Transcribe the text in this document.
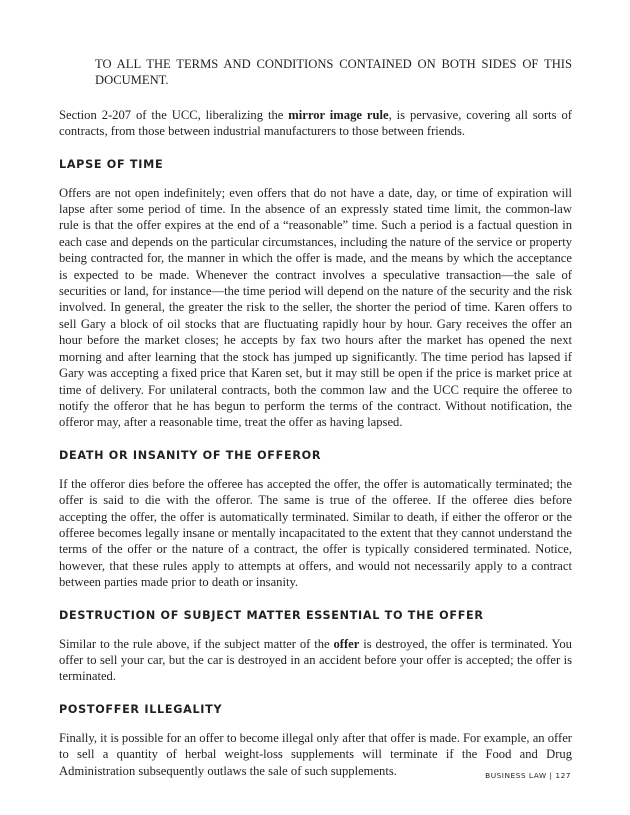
TO ALL THE TERMS AND CONDITIONS CONTAINED ON BOTH SIDES OF THIS DOCUMENT.

Section 2-207 of the UCC, liberalizing the mirror image rule, is pervasive, covering all sorts of contracts, from those between industrial manufacturers to those between friends.

LAPSE OF TIME

Offers are not open indefinitely; even offers that do not have a date, day, or time of expiration will lapse after some period of time. In the absence of an expressly stated time limit, the common-law rule is that the offer expires at the end of a “reasonable” time. Such a period is a factual question in each case and depends on the particular circumstances, including the nature of the service or property being contracted for, the manner in which the offer is made, and the means by which the acceptance is expected to be made. Whenever the contract involves a speculative transaction—the sale of securities or land, for instance—the time period will depend on the nature of the security and the risk involved. In general, the greater the risk to the seller, the shorter the period of time. Karen offers to sell Gary a block of oil stocks that are fluctuating rapidly hour by hour. Gary receives the offer an hour before the market closes; he accepts by fax two hours after the market has opened the next morning and after learning that the stock has jumped up significantly. The time period has lapsed if Gary was accepting a fixed price that Karen set, but it may still be open if the price is market price at time of delivery. For unilateral contracts, both the common law and the UCC require the offeree to notify the offeror that he has begun to perform the terms of the contract. Without notification, the offeror may, after a reasonable time, treat the offer as having lapsed.

DEATH OR INSANITY OF THE OFFEROR

If the offeror dies before the offeree has accepted the offer, the offer is automatically terminated; the offer is said to die with the offeror. The same is true of the offeree. If the offeree dies before accepting the offer, the offer is automatically terminated. Similar to death, if either the offeror or the offeree becomes legally insane or mentally incapacitated to the extent that they cannot understand the terms of the offer or the nature of a contract, the offer is typically considered terminated. Notice, however, that these rules apply to attempts at offers, and would not necessarily apply to a contract between parties made prior to death or insanity.

DESTRUCTION OF SUBJECT MATTER ESSENTIAL TO THE OFFER

Similar to the rule above, if the subject matter of the offer is destroyed, the offer is terminated. You offer to sell your car, but the car is destroyed in an accident before your offer is accepted; the offer is terminated.

POSTOFFER ILLEGALITY

Finally, it is possible for an offer to become illegal only after that offer is made. For example, an offer to sell a quantity of herbal weight-loss supplements will terminate if the Food and Drug Administration subsequently outlaws the sale of such supplements.	BUSINESS LAW | 127
